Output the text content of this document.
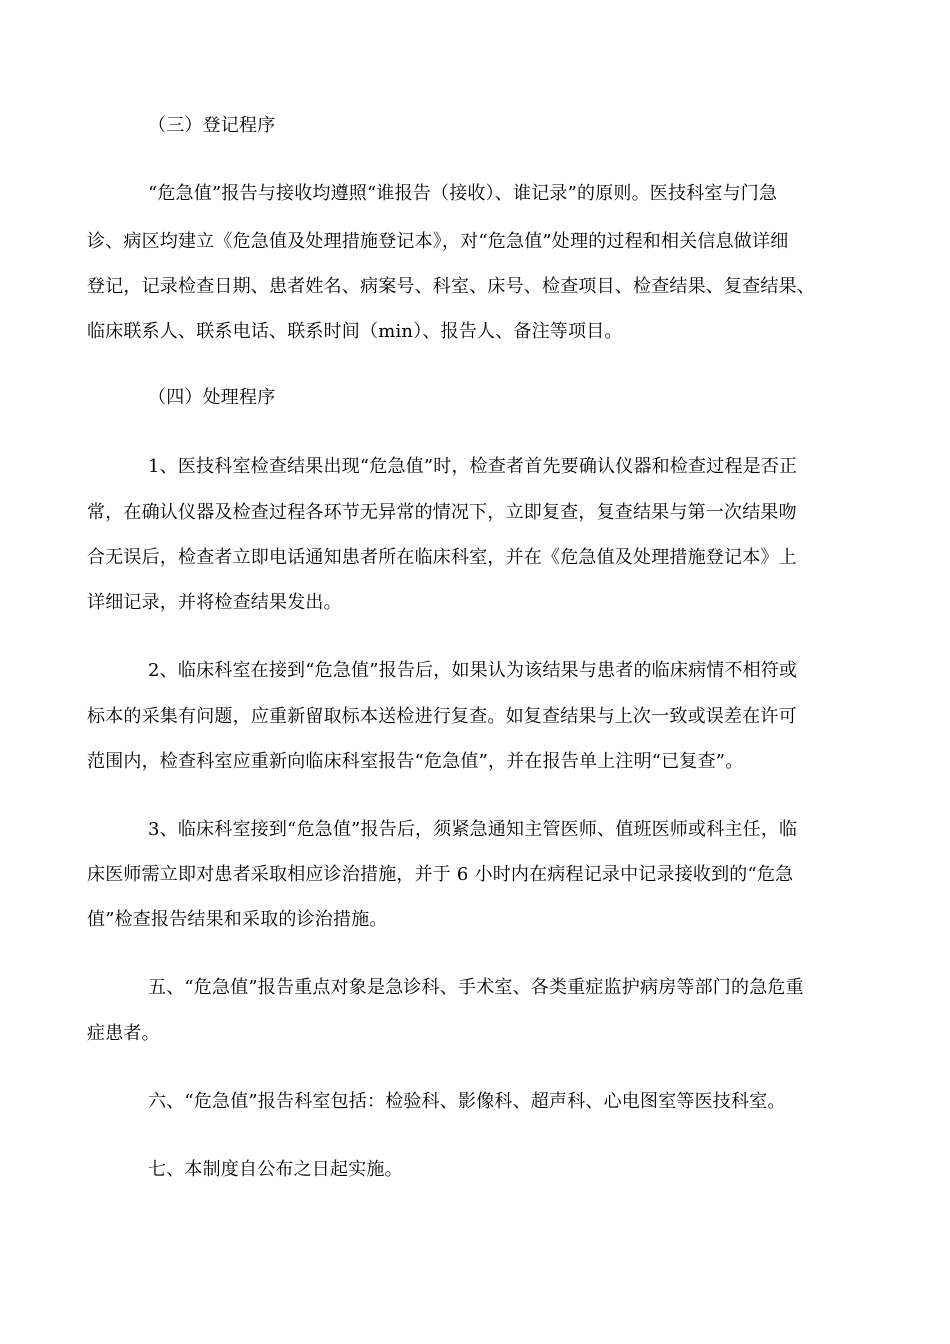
（三）登记程序
“危急值”报告与接收均遵照“谁报告（接收）、谁记录”的原则。医技科室与门急
诊、病区均建立《危急值及处理措施登记本》，对“危急值”处理的过程和相关信息做详细
登记，记录检查日期、患者姓名、病案号、科室、床号、检查项目、检查结果、复查结果、
临床联系人、联系电话、联系时间（min）、报告人、备注等项目。
（四）处理程序
1、医技科室检查结果出现“危急值”时，检查者首先要确认仪器和检查过程是否正
常，在确认仪器及检查过程各环节无异常的情况下，立即复查，复查结果与第一次结果吻
合无误后，检查者立即电话通知患者所在临床科室，并在《危急值及处理措施登记本》上
详细记录，并将检查结果发出。
2、临床科室在接到“危急值”报告后，如果认为该结果与患者的临床病情不相符或
标本的采集有问题，应重新留取标本送检进行复查。如复查结果与上次一致或误差在许可
范围内，检查科室应重新向临床科室报告“危急值”，并在报告单上注明“已复查”。
3、临床科室接到“危急值”报告后，须紧急通知主管医师、值班医师或科主任，临
床医师需立即对患者采取相应诊治措施，并于 6 小时内在病程记录中记录接收到的“危急
值”检查报告结果和采取的诊治措施。
五、“危急值”报告重点对象是急诊科、手术室、各类重症监护病房等部门的急危重
症患者。
六、“危急值”报告科室包括：检验科、影像科、超声科、心电图室等医技科室。
七、本制度自公布之日起实施。
